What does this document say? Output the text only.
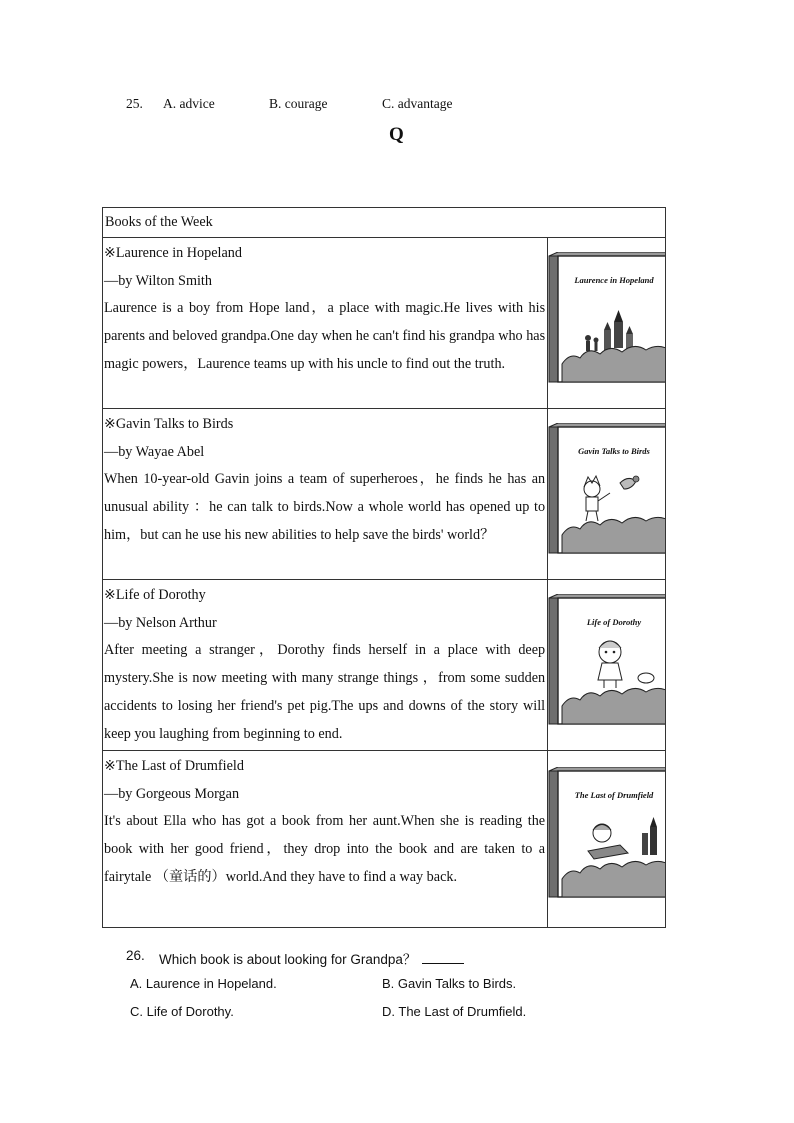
25. A. advice	B. courage	C. advantage
Q
Books of the Week	

※Laurence in Hopeland
—by Wilton Smith
Laurence is a boy from Hope land，a place with magic.He lives with his parents and beloved grandpa.One day when he can't find his grandpa who has magic powers，Laurence teams up with his uncle to find out the truth.	Laurence in Hopeland

※Gavin Talks to Birds
—by Wayae Abel
When 10-year-old Gavin joins a team of superheroes，he finds he has an unusual ability ：he can talk to birds.Now a whole world has opened up to him，but can he use his new abilities to help save the birds' world？	Gavin Talks to Birds

※Life of Dorothy
—by Nelson Arthur
After meeting a stranger，Dorothy finds herself in a place with deep mystery.She is now meeting with many strange things ，from some sudden accidents to losing her friend's pet pig.The ups and downs of the story will keep you laughing from beginning to end.	Life of Dorothy

※The Last of Drumfield
—by Gorgeous Morgan
It's about Ella who has got a book from her aunt.When she is reading the book with her good friend，they drop into the book and are taken to a fairytale （童话的）world.And they have to find a way back.	The Last of Drumfield
26. Which book is about looking for Grandpa？
A. Laurence in Hopeland.	B. Gavin Talks to Birds.
C. Life of Dorothy.	D. The Last of Drumfield.
